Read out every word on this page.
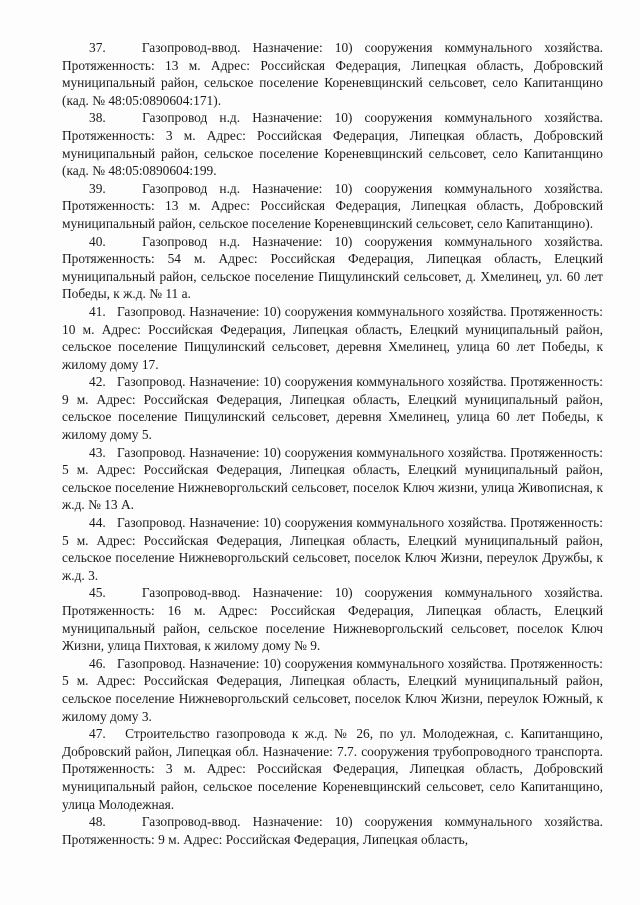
37.   Газопровод-ввод. Назначение: 10) сооружения коммунального хозяйства. Протяженность: 13 м. Адрес: Российская Федерация, Липецкая область, Добровский муниципальный район, сельское поселение Кореневщинский сельсовет, село Капитанщино (кад. № 48:05:0890604:171).

38.   Газопровод н.д. Назначение: 10) сооружения коммунального хозяйства. Протяженность: 3 м. Адрес: Российская Федерация, Липецкая область, Добровский муниципальный район, сельское поселение Кореневщинский сельсовет, село Капитанщино (кад. № 48:05:0890604:199.

39.   Газопровод н.д. Назначение: 10) сооружения коммунального хозяйства. Протяженность: 13 м. Адрес: Российская Федерация, Липецкая область, Добровский муниципальный район, сельское поселение Кореневщинский сельсовет, село Капитанщино).

40.   Газопровод н.д. Назначение: 10) сооружения коммунального хозяйства. Протяженность: 54 м. Адрес: Российская Федерация, Липецкая область, Елецкий муниципальный район, сельское поселение Пищулинский сельсовет, д. Хмелинец, ул. 60 лет Победы, к ж.д. № 11 а.

41.   Газопровод. Назначение: 10) сооружения коммунального хозяйства. Протяженность: 10 м. Адрес: Российская Федерация, Липецкая область, Елецкий муниципальный район, сельское поселение Пищулинский сельсовет, деревня Хмелинец, улица 60 лет Победы, к жилому дому 17.

42.   Газопровод. Назначение: 10) сооружения коммунального хозяйства. Протяженность: 9 м. Адрес: Российская Федерация, Липецкая область, Елецкий муниципальный район, сельское поселение Пищулинский сельсовет, деревня Хмелинец, улица 60 лет Победы, к жилому дому 5.

43.   Газопровод. Назначение: 10) сооружения коммунального хозяйства. Протяженность: 5 м. Адрес: Российская Федерация, Липецкая область, Елецкий муниципальный район, сельское поселение Нижневоргольский сельсовет, поселок Ключ жизни, улица Живописная, к ж.д. № 13 А.

44.   Газопровод. Назначение: 10) сооружения коммунального хозяйства. Протяженность: 5 м. Адрес: Российская Федерация, Липецкая область, Елецкий муниципальный район, сельское поселение Нижневоргольский сельсовет, поселок Ключ Жизни, переулок Дружбы, к ж.д. 3.

45.   Газопровод-ввод. Назначение: 10) сооружения коммунального хозяйства. Протяженность: 16 м. Адрес: Российская Федерация, Липецкая область, Елецкий муниципальный район, сельское поселение Нижневоргольский сельсовет, поселок Ключ Жизни, улица Пихтовая, к жилому дому № 9.

46.   Газопровод. Назначение: 10) сооружения коммунального хозяйства. Протяженность: 5 м. Адрес: Российская Федерация, Липецкая область, Елецкий муниципальный район, сельское поселение Нижневоргольский сельсовет, поселок Ключ Жизни, переулок Южный, к жилому дому 3.

47.   Строительство газопровода к ж.д. № 26, по ул. Молодежная, с. Капитанщино, Добровский район, Липецкая обл. Назначение: 7.7. сооружения трубопроводного транспорта. Протяженность: 3 м. Адрес: Российская Федерация, Липецкая область, Добровский муниципальный район, сельское поселение Кореневщинский сельсовет, село Капитанщино, улица Молодежная.

48.   Газопровод-ввод. Назначение: 10) сооружения коммунального хозяйства. Протяженность: 9 м. Адрес: Российская Федерация, Липецкая область,
